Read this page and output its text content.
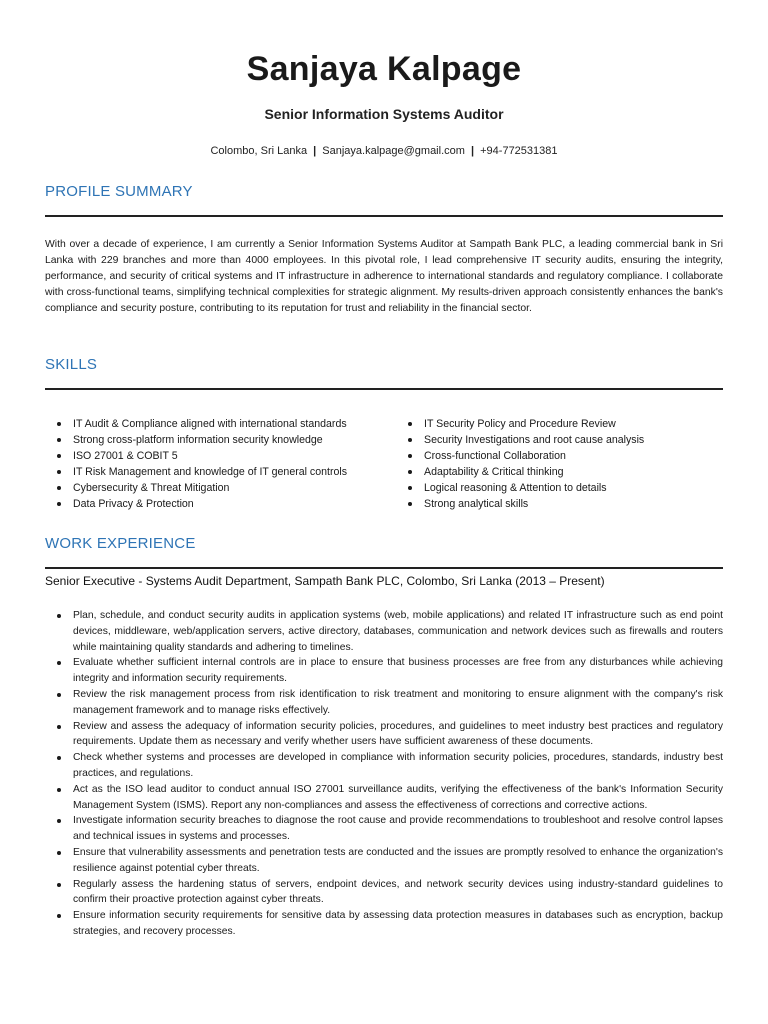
Sanjaya Kalpage
Senior Information Systems Auditor
Colombo, Sri Lanka | Sanjaya.kalpage@gmail.com | +94-772531381
PROFILE SUMMARY

With over a decade of experience, I am currently a Senior Information Systems Auditor at Sampath Bank PLC, a leading commercial bank in Sri Lanka with 229 branches and more than 4000 employees. In this pivotal role, I lead comprehensive IT security audits, ensuring the integrity, performance, and security of critical systems and IT infrastructure in adherence to international standards and regulatory compliance. I collaborate with cross-functional teams, simplifying technical complexities for strategic alignment. My results-driven approach consistently enhances the bank's compliance and security posture, contributing to its reputation for trust and reliability in the financial sector.

SKILLS
IT Audit & Compliance aligned with international standards
Strong cross-platform information security knowledge
ISO 27001 & COBIT 5
IT Risk Management and knowledge of IT general controls
Cybersecurity & Threat Mitigation
Data Privacy & Protection
IT Security Policy and Procedure Review
Security Investigations and root cause analysis
Cross-functional Collaboration
Adaptability & Critical thinking
Logical reasoning & Attention to details
Strong analytical skills
WORK EXPERIENCE
Senior Executive - Systems Audit Department, Sampath Bank PLC, Colombo, Sri Lanka (2013 – Present)
Plan, schedule, and conduct security audits in application systems (web, mobile applications) and related IT infrastructure such as end point devices, middleware, web/application servers, active directory, databases, communication and network devices such as firewalls and routers while maintaining quality standards and adhering to timelines.
Evaluate whether sufficient internal controls are in place to ensure that business processes are free from any disturbances while achieving integrity and information security requirements.
Review the risk management process from risk identification to risk treatment and monitoring to ensure alignment with the company's risk management framework and to manage risks effectively.
Review and assess the adequacy of information security policies, procedures, and guidelines to meet industry best practices and regulatory requirements. Update them as necessary and verify whether users have sufficient awareness of these documents.
Check whether systems and processes are developed in compliance with information security policies, procedures, standards, industry best practices, and regulations.
Act as the ISO lead auditor to conduct annual ISO 27001 surveillance audits, verifying the effectiveness of the bank's Information Security Management System (ISMS). Report any non-compliances and assess the effectiveness of corrections and corrective actions.
Investigate information security breaches to diagnose the root cause and provide recommendations to troubleshoot and resolve control lapses and technical issues in systems and processes.
Ensure that vulnerability assessments and penetration tests are conducted and the issues are promptly resolved to enhance the organization's resilience against potential cyber threats.
Regularly assess the hardening status of servers, endpoint devices, and network security devices using industry-standard guidelines to confirm their proactive protection against cyber threats.
Ensure information security requirements for sensitive data by assessing data protection measures in databases such as encryption, backup strategies, and recovery processes.
